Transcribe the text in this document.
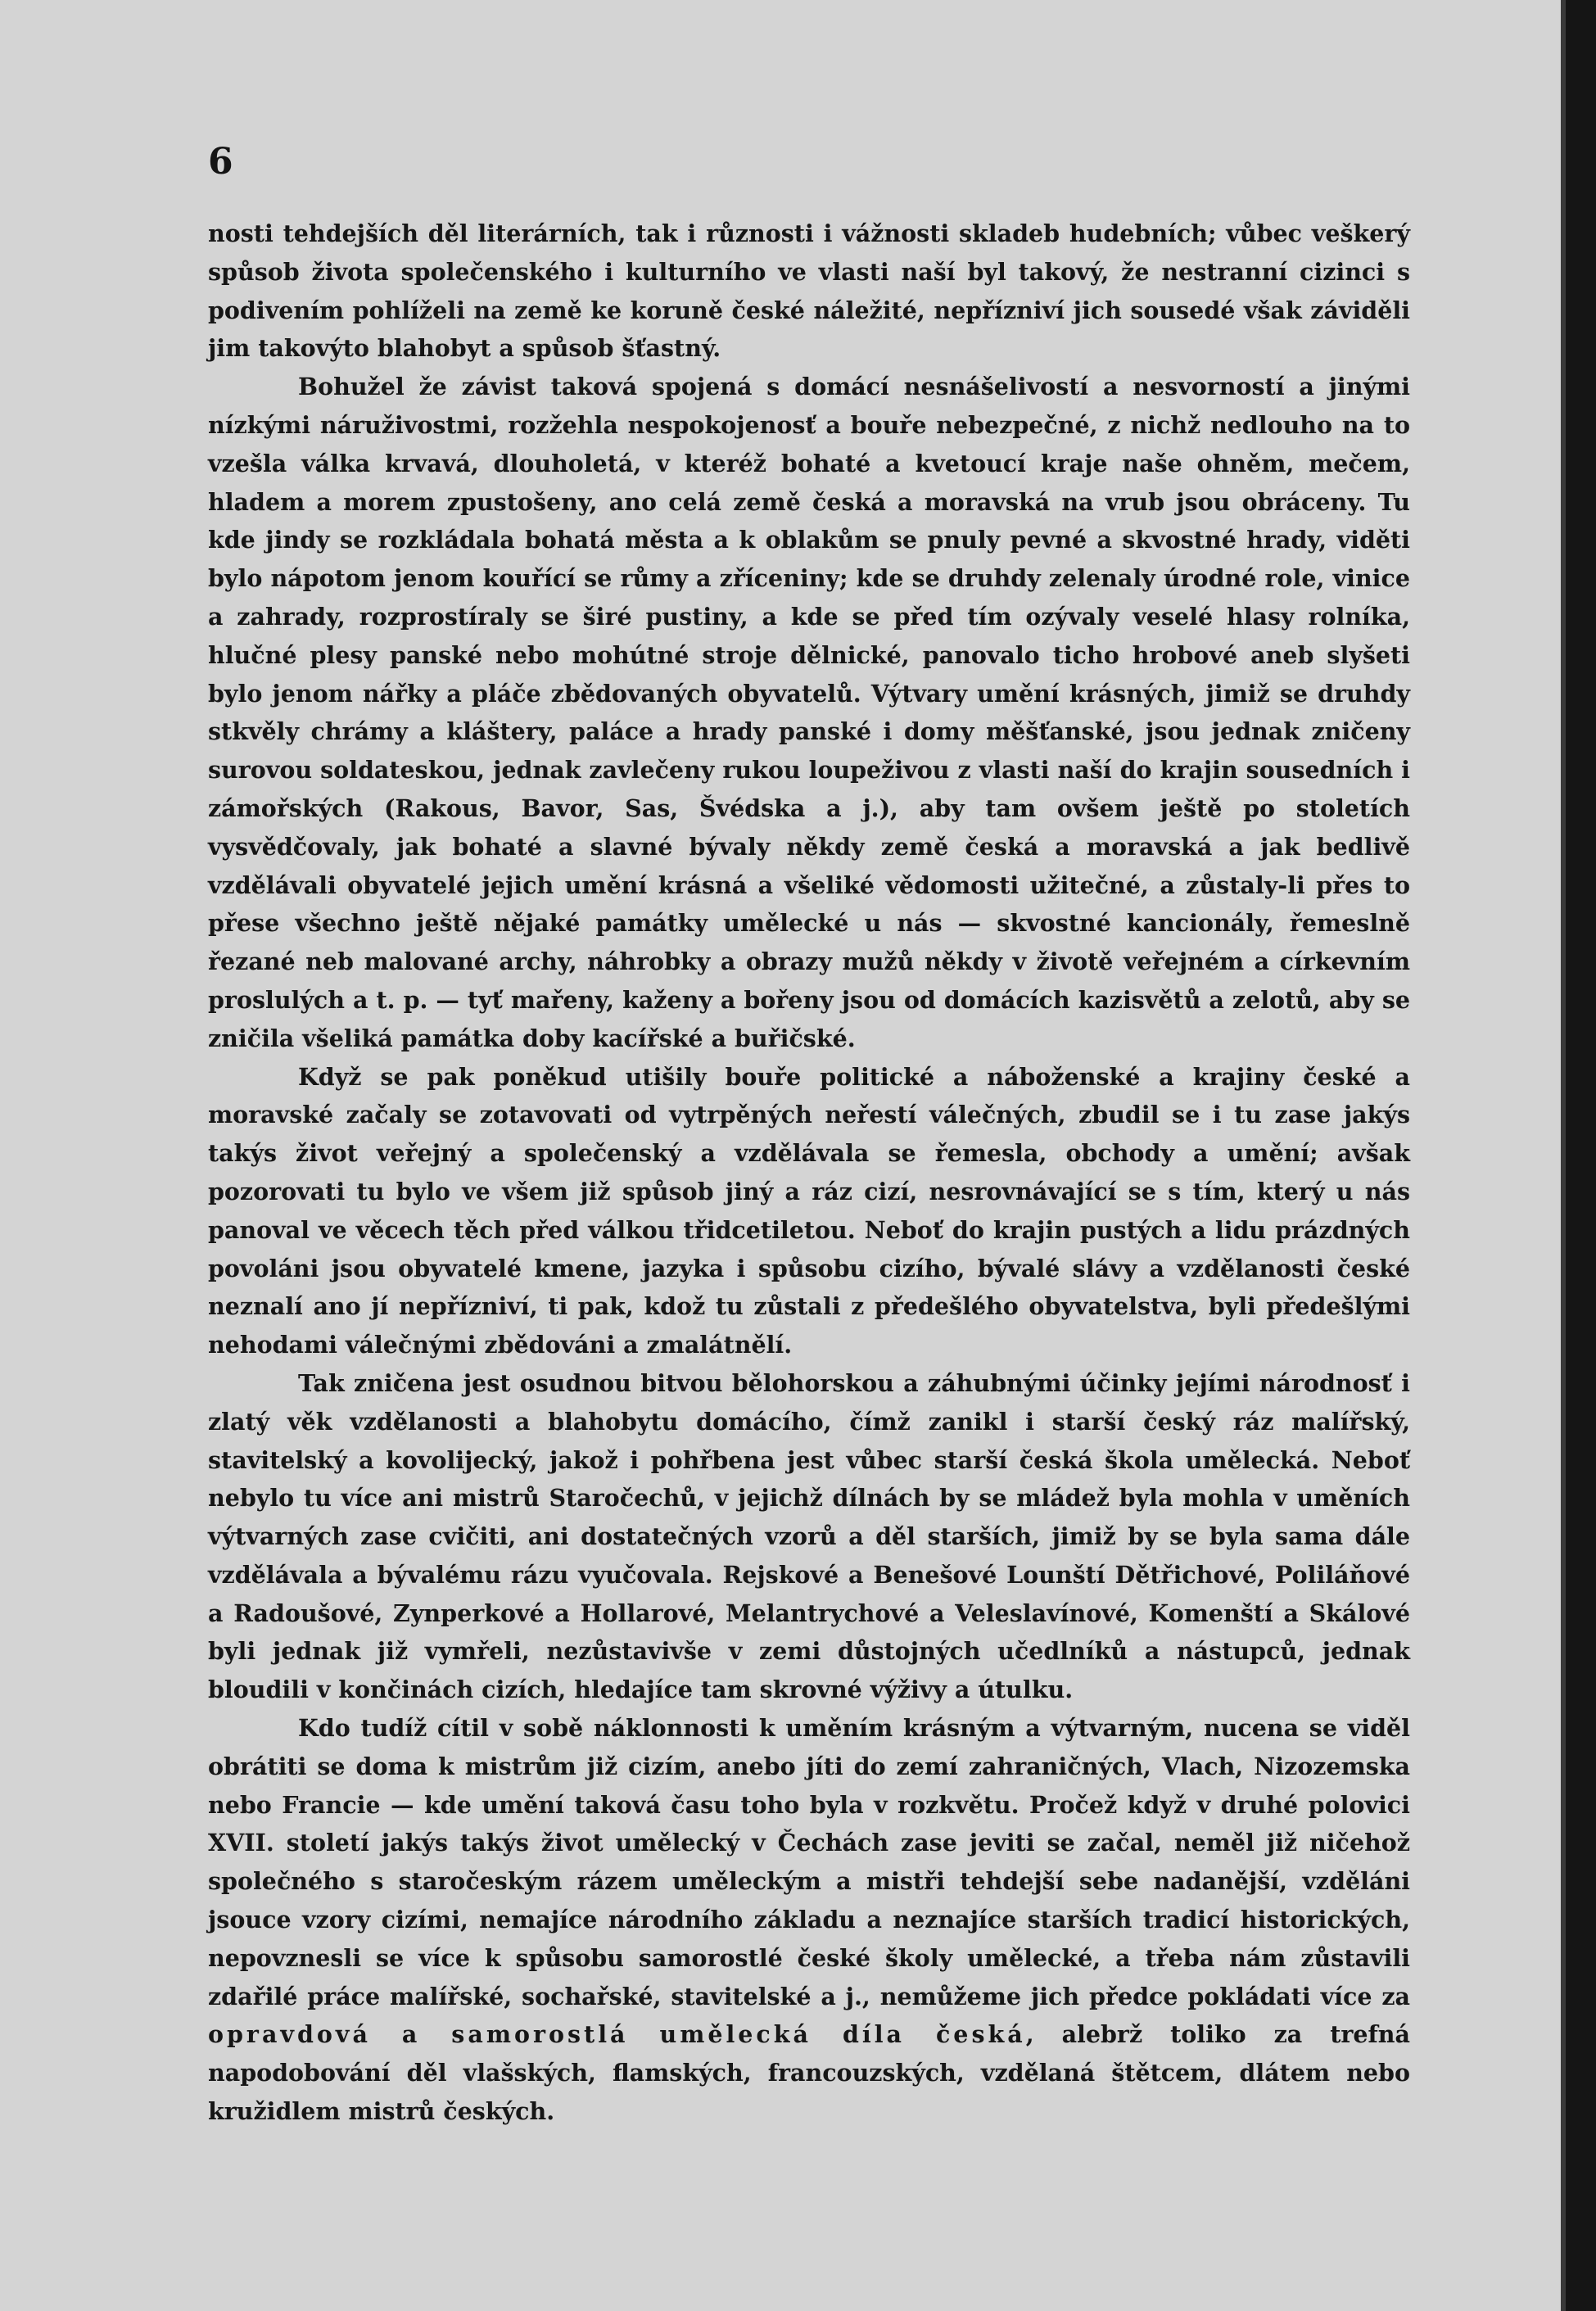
6

nosti tehdejších děl literárních, tak i různosti i vážnosti skladeb hudebních; vůbec veškerý spůsob života společenského i kulturního ve vlasti naší byl takový, že nestranní cizinci s podivením pohlíželi na země ke koruně české náležité, nepřízniví jich sousedé však záviděli jim takovýto blahobyt a spůsob šťastný.

Bohužel že závist taková spojená s domácí nesnášelivostí a nesvorností a jinými nízkými náruživostmi, rozžehla nespokojenosť a bouře nebezpečné, z nichž nedlouho na to vzešla válka krvavá, dlouholetá, v kteréž bohaté a kvetoucí kraje naše ohněm, mečem, hladem a morem zpustošeny, ano celá země česká a moravská na vrub jsou obráceny. Tu kde jindy se rozkládala bohatá města a k oblakům se pnuly pevné a skvostné hrady, viděti bylo nápotom jenom kouřící se růmy a zříceniny; kde se druhdy zelenaly úrodné role, vinice a zahrady, rozprostíraly se širé pustiny, a kde se před tím ozývaly veselé hlasy rolníka, hlučné plesy panské nebo mohútné stroje dělnické, panovalo ticho hrobové aneb slyšeti bylo jenom nářky a pláče zbědovaných obyvatelů. Výtvary umění krásných, jimiž se druhdy stkvěly chrámy a kláštery, paláce a hrady panské i domy měšťanské, jsou jednak zničeny surovou soldateskou, jednak zavlečeny rukou loupeživou z vlasti naší do krajin sousedních i zámořských (Rakous, Bavor, Sas, Švédska a j.), aby tam ovšem ještě po stoletích vysvědčovaly, jak bohaté a slavné bývaly někdy země česká a moravská a jak bedlivě vzdělávali obyvatelé jejich umění krásná a všeliké vědomosti užitečné, a zůstaly-li přes to přese všechno ještě nějaké památky umělecké u nás — skvostné kancionály, řemeslně řezané neb malované archy, náhrobky a obrazy mužů někdy v životě veřejném a církevním proslulých a t. p. — tyť mařeny, kaženy a bořeny jsou od domácích kazisvětů a zelotů, aby se zničila všeliká památka doby kacířské a buřičské.

Když se pak poněkud utišily bouře politické a náboženské a krajiny české a moravské začaly se zotavovati od vytrpěných neřestí válečných, zbudil se i tu zase jakýs takýs život veřejný a společenský a vzdělávala se řemesla, obchody a umění; avšak pozorovati tu bylo ve všem již spůsob jiný a ráz cizí, nesrovnávající se s tím, který u nás panoval ve věcech těch před válkou třidcetiletou. Neboť do krajin pustých a lidu prázdných povoláni jsou obyvatelé kmene, jazyka i spůsobu cizího, bývalé slávy a vzdělanosti české neznalí ano jí nepřízniví, ti pak, kdož tu zůstali z předešlého obyvatelstva, byli předešlými nehodami válečnými zbědováni a zmalátnělí.

Tak zničena jest osudnou bitvou bělohorskou a záhubnými účinky jejími národnosť i zlatý věk vzdělanosti a blahobytu domácího, čímž zanikl i starší český ráz malířský, stavitelský a kovolijecký, jakož i pohřbena jest vůbec starší česká škola umělecká. Neboť nebylo tu více ani mistrů Staročechů, v jejichž dílnách by se mládež byla mohla v uměních výtvarných zase cvičiti, ani dostatečných vzorů a děl starších, jimiž by se byla sama dále vzdělávala a bývalému rázu vyučovala. Rejskové a Benešové Lounští Dětřichové, Poliláňové a Radoušové, Zynperkové a Hollarové, Melantrychové a Veleslavínové, Komenští a Skálové byli jednak již vymřeli, nezůstavivše v zemi důstojných učedlníků a nástupců, jednak bloudili v končinách cizích, hledajíce tam skrovné výživy a útulku.

Kdo tudíž cítil v sobě náklonnosti k uměním krásným a výtvarným, nucena se viděl obrátiti se doma k mistrům již cizím, anebo jíti do zemí zahraničných, Vlach, Nizozemska nebo Francie — kde umění taková času toho byla v rozkvětu. Pročež když v druhé polovici XVII. století jakýs takýs život umělecký v Čechách zase jeviti se začal, neměl již ničehož společného s staročeským rázem uměleckým a mistři tehdejší sebe nadanější, vzděláni jsouce vzory cizími, nemajíce národního základu a neznajíce starších tradicí historických, nepovznesli se více k spůsobu samorostlé české školy umělecké, a třeba nám zůstavili zdařilé práce malířské, sochařské, stavitelské a j., nemůžeme jich předce pokládati více za opravdová a samorostlá umělecká díla česká, alebrž toliko za trefná napodobování děl vlašských, flamských, francouzských, vzdělaná štětcem, dlátem nebo kružidlem mistrů českých.
